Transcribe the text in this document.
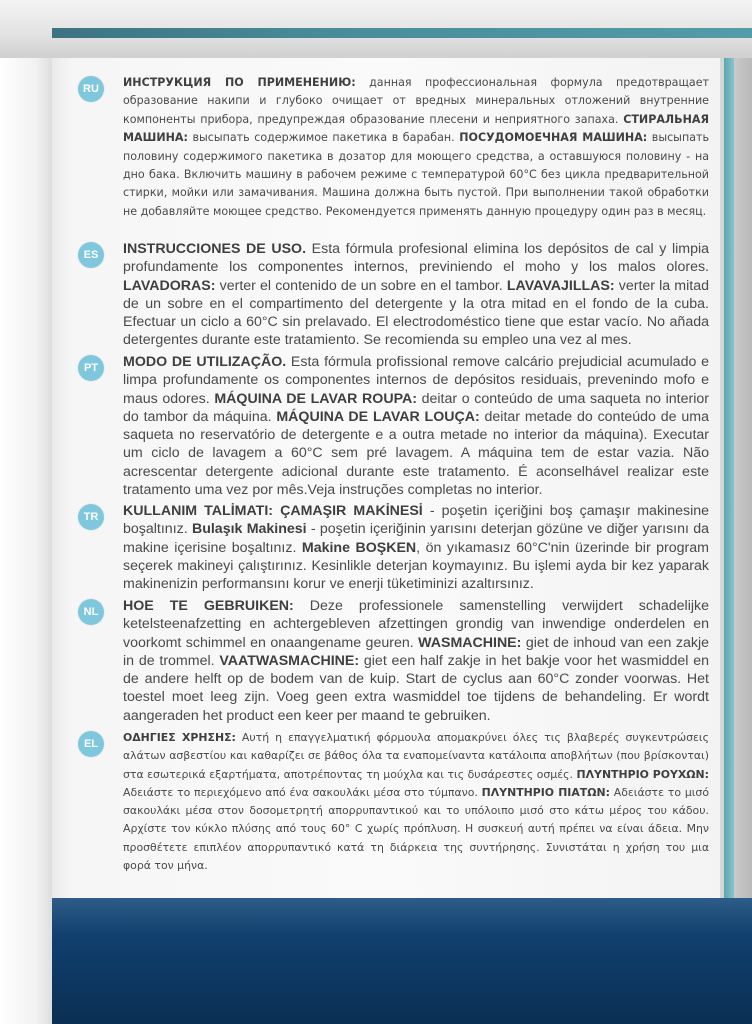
RU	ИНСТРУКЦИЯ ПО ПРИМЕНЕНИЮ: данная профессиональная формула предотвращает образование накипи и глубоко очищает от вредных минеральных отложений внутренние компоненты прибора, предупреждая образование плесени и неприятного запаха. СТИРАЛЬНАЯ МАШИНА: высыпать содержимое пакетика в барабан. ПОСУДОМОЕЧНАЯ МАШИНА: высыпать половину содержимого пакетика в дозатор для моющего средства, а оставшуюся половину - на дно бака. Включить машину в рабочем режиме с температурой 60°С без цикла предварительной стирки, мойки или замачивания. Машина должна быть пустой. При выполнении такой обработки не добавляйте моющее средство. Рекомендуется применять данную процедуру один раз в месяц.
ES	INSTRUCCIONES DE USO. Esta fórmula profesional elimina los depósitos de cal y limpia profundamente los componentes internos, previniendo el moho y los malos olores. LAVADORAS: verter el contenido de un sobre en el tambor. LAVAVAJILLAS: verter la mitad de un sobre en el compartimento del detergente y la otra mitad en el fondo de la cuba. Efectuar un ciclo a 60°C sin prelavado. El electrodoméstico tiene que estar vacío. No añada detergentes durante este tratamiento. Se recomienda su empleo una vez al mes.
PT	MODO DE UTILIZAÇÃO. Esta fórmula profissional remove calcário prejudicial acumulado e limpa profundamente os componentes internos de depósitos residuais, prevenindo mofo e maus odores. MÁQUINA DE LAVAR ROUPA: deitar o conteúdo de uma saqueta no interior do tambor da máquina. MÁQUINA DE LAVAR LOUÇA: deitar metade do conteúdo de uma saqueta no reservatório de detergente e a outra metade no interior da máquina). Executar um ciclo de lavagem a 60°C sem pré lavagem. A máquina tem de estar vazia. Não acrescentar detergente adicional durante este tratamento. É aconselhável realizar este tratamento uma vez por mês.Veja instruções completas no interior.
TR	KULLANIM TALİMATI: ÇAMAŞIR MAKİNESİ - poşetin içeriğini boş çamaşır makinesine boşaltınız. Bulaşık Makinesi - poşetin içeriğinin yarısını deterjan gözüne ve diğer yarısını da makine içerisine boşaltınız. Makine BOŞKEN, ön yıkamasız 60°C'nin üzerinde bir program seçerek makineyi çalıştırınız. Kesinlikle deterjan koymayınız. Bu işlemi ayda bir kez yaparak makinenizin performansını korur ve enerji tüketiminizi azaltırsınız.
NL	HOE TE GEBRUIKEN: Deze professionele samenstelling verwijdert schadelijke ketelsteenafzetting en achtergebleven afzettingen grondig van inwendige onderdelen en voorkomt schimmel en onaangename geuren. WASMACHINE: giet de inhoud van een zakje in de trommel. VAATWASMACHINE: giet een half zakje in het bakje voor het wasmiddel en de andere helft op de bodem van de kuip. Start de cyclus aan 60°C zonder voorwas. Het toestel moet leeg zijn. Voeg geen extra wasmiddel toe tijdens de behandeling. Er wordt aangeraden het product een keer per maand te gebruiken.
EL	ΟΔΗΓΙΕΣ ΧΡΗΣΗΣ: Αυτή η επαγγελματική φόρμουλα απομακρύνει όλες τις βλαβερές συγκεντρώσεις αλάτων ασβεστίου και καθαρίζει σε βάθος όλα τα εναπομείναντα κατάλοιπα αποβλήτων (που βρίσκονται) στα εσωτερικά εξαρτήματα, αποτρέποντας τη μούχλα και τις δυσάρεστες οσμές. ΠΛΥΝΤΗΡΙΟ ΡΟΥΧΩΝ: Αδειάστε το περιεχόμενο από ένα σακουλάκι μέσα στο τύμπανο. ΠΛΥΝΤΗΡΙΟ ΠΙΑΤΩΝ: Αδειάστε το μισό σακουλάκι μέσα στον δοσομετρητή απορρυπαντικού και το υπόλοιπο μισό στο κάτω μέρος του κάδου. Αρχίστε τον κύκλο πλύσης από τους 60° C χωρίς πρόπλυση. Η συσκευή αυτή πρέπει να είναι άδεια. Μην προσθέτετε επιπλέον απορρυπαντικό κατά τη διάρκεια της συντήρησης. Συνιστάται η χρήση του μια φορά τον μήνα.
